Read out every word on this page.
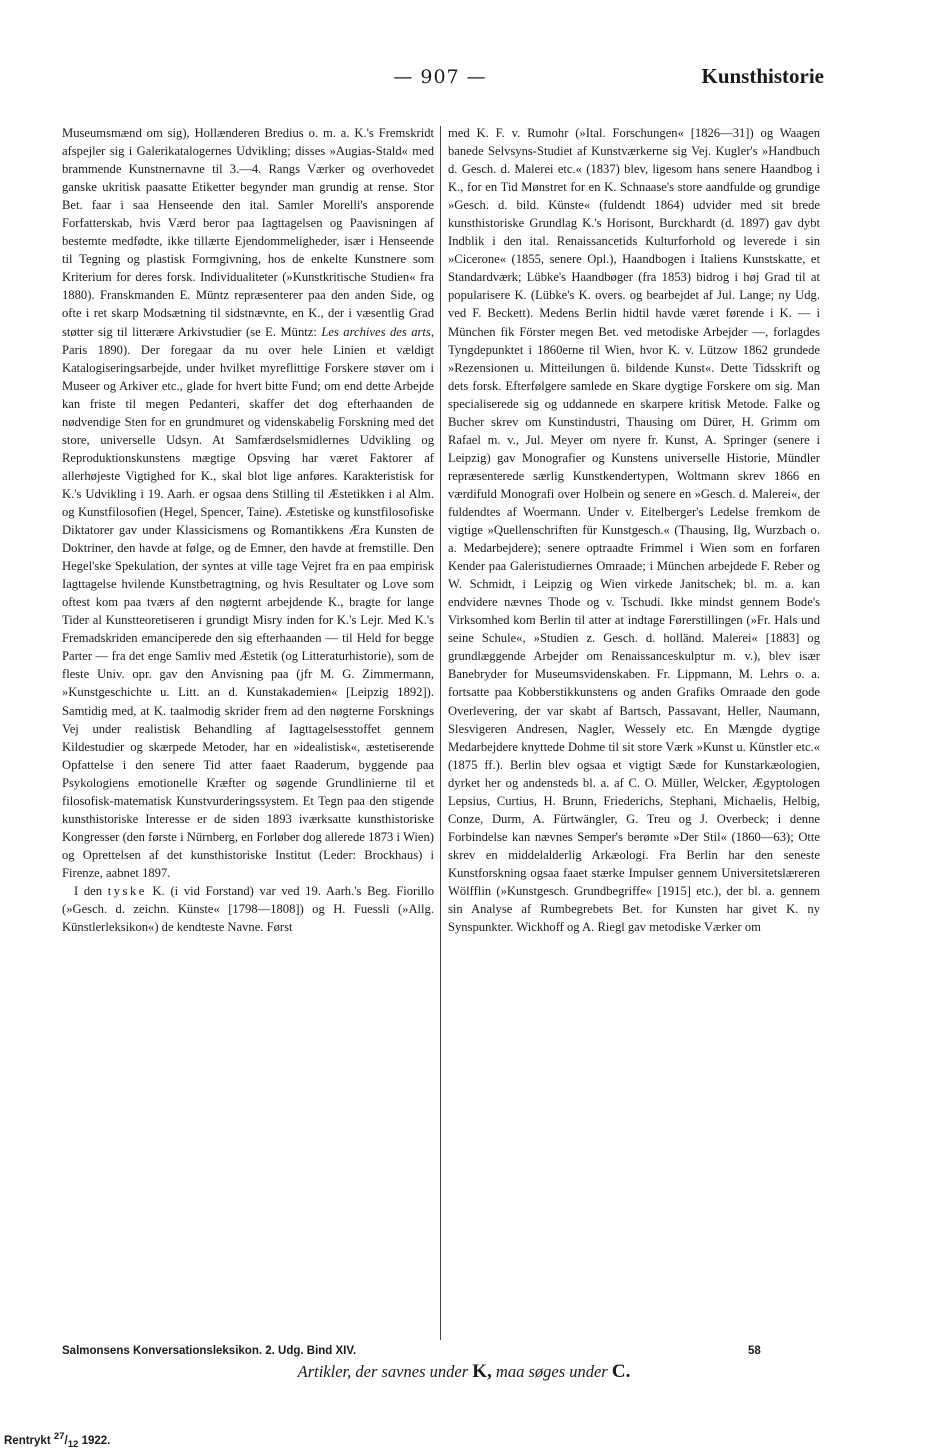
— 907 —	Kunsthistorie

Museumsmænd om sig), Hollænderen Bredius o. m. a. K.'s Fremskridt afspejler sig i Galerikatalogernes Udvikling; disses »Augias-Stald« med brammende Kunstnernavne til 3.—4. Rangs Værker og overhovedet ganske ukritisk paasatte Etiketter begynder man grundig at rense. Stor Bet. faar i saa Henseende den ital. Samler Morelli's ansporende Forfatterskab, hvis Værd beror paa Iagttagelsen og Paavisningen af bestemte medfødte, ikke tillærte Ejendommeligheder, især i Henseende til Tegning og plastisk Formgivning, hos de enkelte Kunstnere som Kriterium for deres forsk. Individualiteter (»Kunstkritische Studien« fra 1880). Franskmanden E. Müntz repræsenterer paa den anden Side, og ofte i ret skarp Modsætning til sidstnævnte, en K., der i væsentlig Grad støtter sig til litterære Arkivstudier (se E. Müntz: Les archives des arts, Paris 1890). Der foregaar da nu over hele Linien et vældigt Katalogiseringsarbejde, under hvilket myreflittige Forskere støver om i Museer og Arkiver etc., glade for hvert bitte Fund; om end dette Arbejde kan friste til megen Pedanteri, skaffer det dog efterhaanden de nødvendige Sten for en grundmuret og videnskabelig Forskning med det store, universelle Udsyn. At Samfærdselsmidlernes Udvikling og Reproduktionskunstens mægtige Opsving har været Faktorer af allerhøjeste Vigtighed for K., skal blot lige anføres. Karakteristisk for K.'s Udvikling i 19. Aarh. er ogsaa dens Stilling til Æstetikken i al Alm. og Kunstfilosofien (Hegel, Spencer, Taine). Æstetiske og kunstfilosofiske Diktatorer gav under Klassicismens og Romantikkens Æra Kunsten de Doktriner, den havde at følge, og de Emner, den havde at fremstille. Den Hegel'ske Spekulation, der syntes at ville tage Vejret fra en paa empirisk Iagttagelse hvilende Kunstbetragtning, og hvis Resultater og Love som oftest kom paa tværs af den nøgternt arbejdende K., bragte for lange Tider al Kunstteoretiseren i grundigt Misry inden for K.'s Lejr. Med K.'s Fremadskriden emanciperede den sig efterhaanden — til Held for begge Parter — fra det enge Samliv med Æstetik (og Litteraturhistorie), som de fleste Univ. opr. gav den Anvisning paa (jfr M. G. Zimmermann, »Kunstgeschichte u. Litt. an d. Kunstakademien« [Leipzig 1892]). Samtidig med, at K. taalmodig skrider frem ad den nøgterne Forsknings Vej under realistisk Behandling af Iagttagelsesstoffet gennem Kildestudier og skærpede Metoder, har en »idealistisk«, æstetiserende Opfattelse i den senere Tid atter faaet Raaderum, byggende paa Psykologiens emotionelle Kræfter og søgende Grundlinierne til et filosofisk-matematisk Kunstvurderingssystem. Et Tegn paa den stigende kunsthistoriske Interesse er de siden 1893 iværksatte kunsthistoriske Kongresser (den første i Nürnberg, en Forløber dog allerede 1873 i Wien) og Oprettelsen af det kunsthistoriske Institut (Leder: Brockhaus) i Firenze, aabnet 1897.

I den tyske K. (i vid Forstand) var ved 19. Aarh.'s Beg. Fiorillo (»Gesch. d. zeichn. Künste« [1798—1808]) og H. Fuessli (»Allg. Künstlerleksikon«) de kendteste Navne. Først

med K. F. v. Rumohr (»Ital. Forschungen« [1826—31]) og Waagen banede Selvsyns-Studiet af Kunstværkerne sig Vej. Kugler's »Handbuch d. Gesch. d. Malerei etc.« (1837) blev, ligesom hans senere Haandbog i K., for en Tid Mønstret for en K. Schnaase's store aandfulde og grundige »Gesch. d. bild. Künste« (fuldendt 1864) udvider med sit brede kunsthistoriske Grundlag K.'s Horisont, Burckhardt (d. 1897) gav dybt Indblik i den ital. Renaissancetids Kulturforhold og leverede i sin »Cicerone« (1855, senere Opl.), Haandbogen i Italiens Kunstskatte, et Standardværk; Lübke's Haandbøger (fra 1853) bidrog i høj Grad til at popularisere K. (Lübke's K. overs. og bearbejdet af Jul. Lange; ny Udg. ved F. Beckett). Medens Berlin hidtil havde været førende i K. — i München fik Förster megen Bet. ved metodiske Arbejder —, forlagdes Tyngdepunktet i 1860erne til Wien, hvor K. v. Lützow 1862 grundede »Rezensionen u. Mitteilungen ü. bildende Kunst«. Dette Tidsskrift og dets forsk. Efterfølgere samlede en Skare dygtige Forskere om sig. Man specialiserede sig og uddannede en skarpere kritisk Metode. Falke og Bucher skrev om Kunstindustri, Thausing om Dürer, H. Grimm om Rafael m. v., Jul. Meyer om nyere fr. Kunst, A. Springer (senere i Leipzig) gav Monografier og Kunstens universelle Historie, Mündler repræsenterede særlig Kunstkendertypen, Woltmann skrev 1866 en værdifuld Monografi over Holbein og senere en »Gesch. d. Malerei«, der fuldendtes af Woermann. Under v. Eitelberger's Ledelse fremkom de vigtige »Quellenschriften für Kunstgesch.« (Thausing, Ilg, Wurzbach o. a. Medarbejdere); senere optraadte Frimmel i Wien som en forfaren Kender paa Galeristudiernes Omraade; i München arbejdede F. Reber og W. Schmidt, i Leipzig og Wien virkede Janitschek; bl. m. a. kan endvidere nævnes Thode og v. Tschudi. Ikke mindst gennem Bode's Virksomhed kom Berlin til atter at indtage Førerstillingen (»Fr. Hals und seine Schule«, »Studien z. Gesch. d. holländ. Malerei« [1883] og grundlæggende Arbejder om Renaissanceskulptur m. v.), blev især Banebryder for Museumsvidenskaben. Fr. Lippmann, M. Lehrs o. a. fortsatte paa Kobberstikkunstens og anden Grafiks Omraade den gode Overlevering, der var skabt af Bartsch, Passavant, Heller, Naumann, Slesvigeren Andresen, Nagler, Wessely etc. En Mængde dygtige Medarbejdere knyttede Dohme til sit store Værk »Kunst u. Künstler etc.« (1875 ff.). Berlin blev ogsaa et vigtigt Sæde for Kunstarkæologien, dyrket her og andensteds bl. a. af C. O. Müller, Welcker, Ægyptologen Lepsius, Curtius, H. Brunn, Friederichs, Stephani, Michaelis, Helbig, Conze, Durm, A. Fürtwängler, G. Treu og J. Overbeck; i denne Forbindelse kan nævnes Semper's berømte »Der Stil« (1860—63); Otte skrev en middelalderlig Arkæologi. Fra Berlin har den seneste Kunstforskning ogsaa faaet stærke Impulser gennem Universitetslæreren Wölfflin (»Kunstgesch. Grundbegriffe« [1915] etc.), der bl. a. gennem sin Analyse af Rumbegrebets Bet. for Kunsten har givet K. ny Synspunkter. Wickhoff og A. Riegl gav metodiske Værker om

Salmonsens Konversationsleksikon. 2. Udg. Bind XIV.	58
Artikler, der savnes under K, maa søges under C.
Rentrykt $^{27}/_{12}$ 1922.
